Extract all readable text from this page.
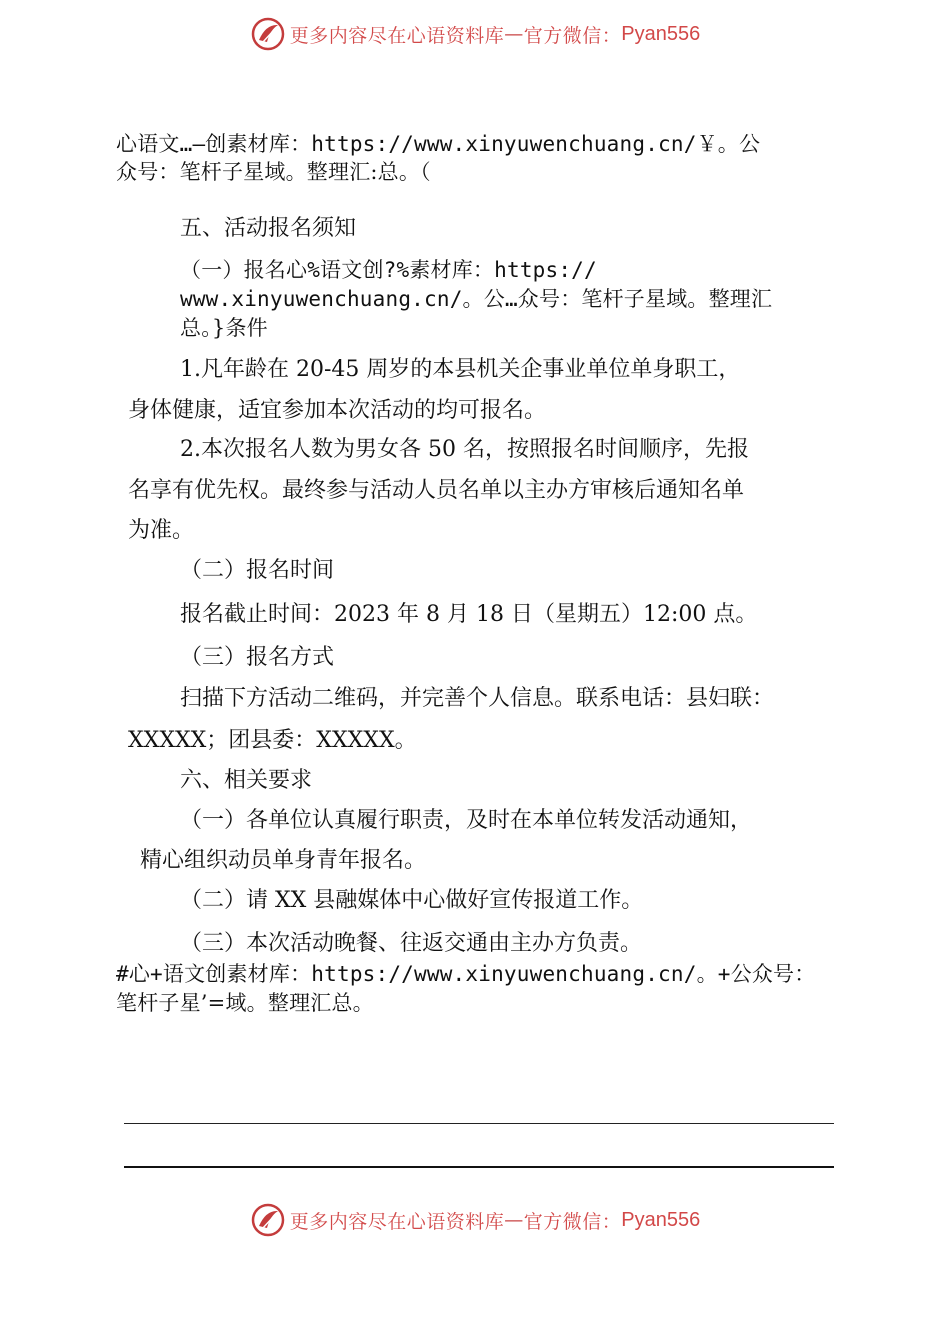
更多内容尽在心语资料库 — 官方微信： Pyan556
心语文…—创素材库：https://www.xinyuwenchuang.cn/￥。公
众号：笔杆子星域。整理汇:总。（
五、活动报名须知
（一）报名心%语文创?%素材库：https://
www.xinyuwenchuang.cn/。公…众号：笔杆子星域。整理汇
总。}条件
1.凡年龄在 20-45 周岁的本县机关企事业单位单身职工，
身体健康，适宜参加本次活动的均可报名。
2.本次报名人数为男女各 50 名，按照报名时间顺序，先报
名享有优先权。最终参与活动人员名单以主办方审核后通知名单
为准。
（二）报名时间
报名截止时间：2023 年 8 月 18 日（星期五）12:00 点。
（三）报名方式
扫描下方活动二维码，并完善个人信息。联系电话：县妇联：
XXXXX；团县委：XXXXX。
六、相关要求
（一）各单位认真履行职责，及时在本单位转发活动通知，
精心组织动员单身青年报名。
（二）请 XX 县融媒体中心做好宣传报道工作。
（三）本次活动晚餐、往返交通由主办方负责。
#心+语文创素材库：https://www.xinyuwenchuang.cn/。+公众号：
笔杆子星’=域。整理汇总。
更多内容尽在心语资料库 — 官方微信： Pyan556
